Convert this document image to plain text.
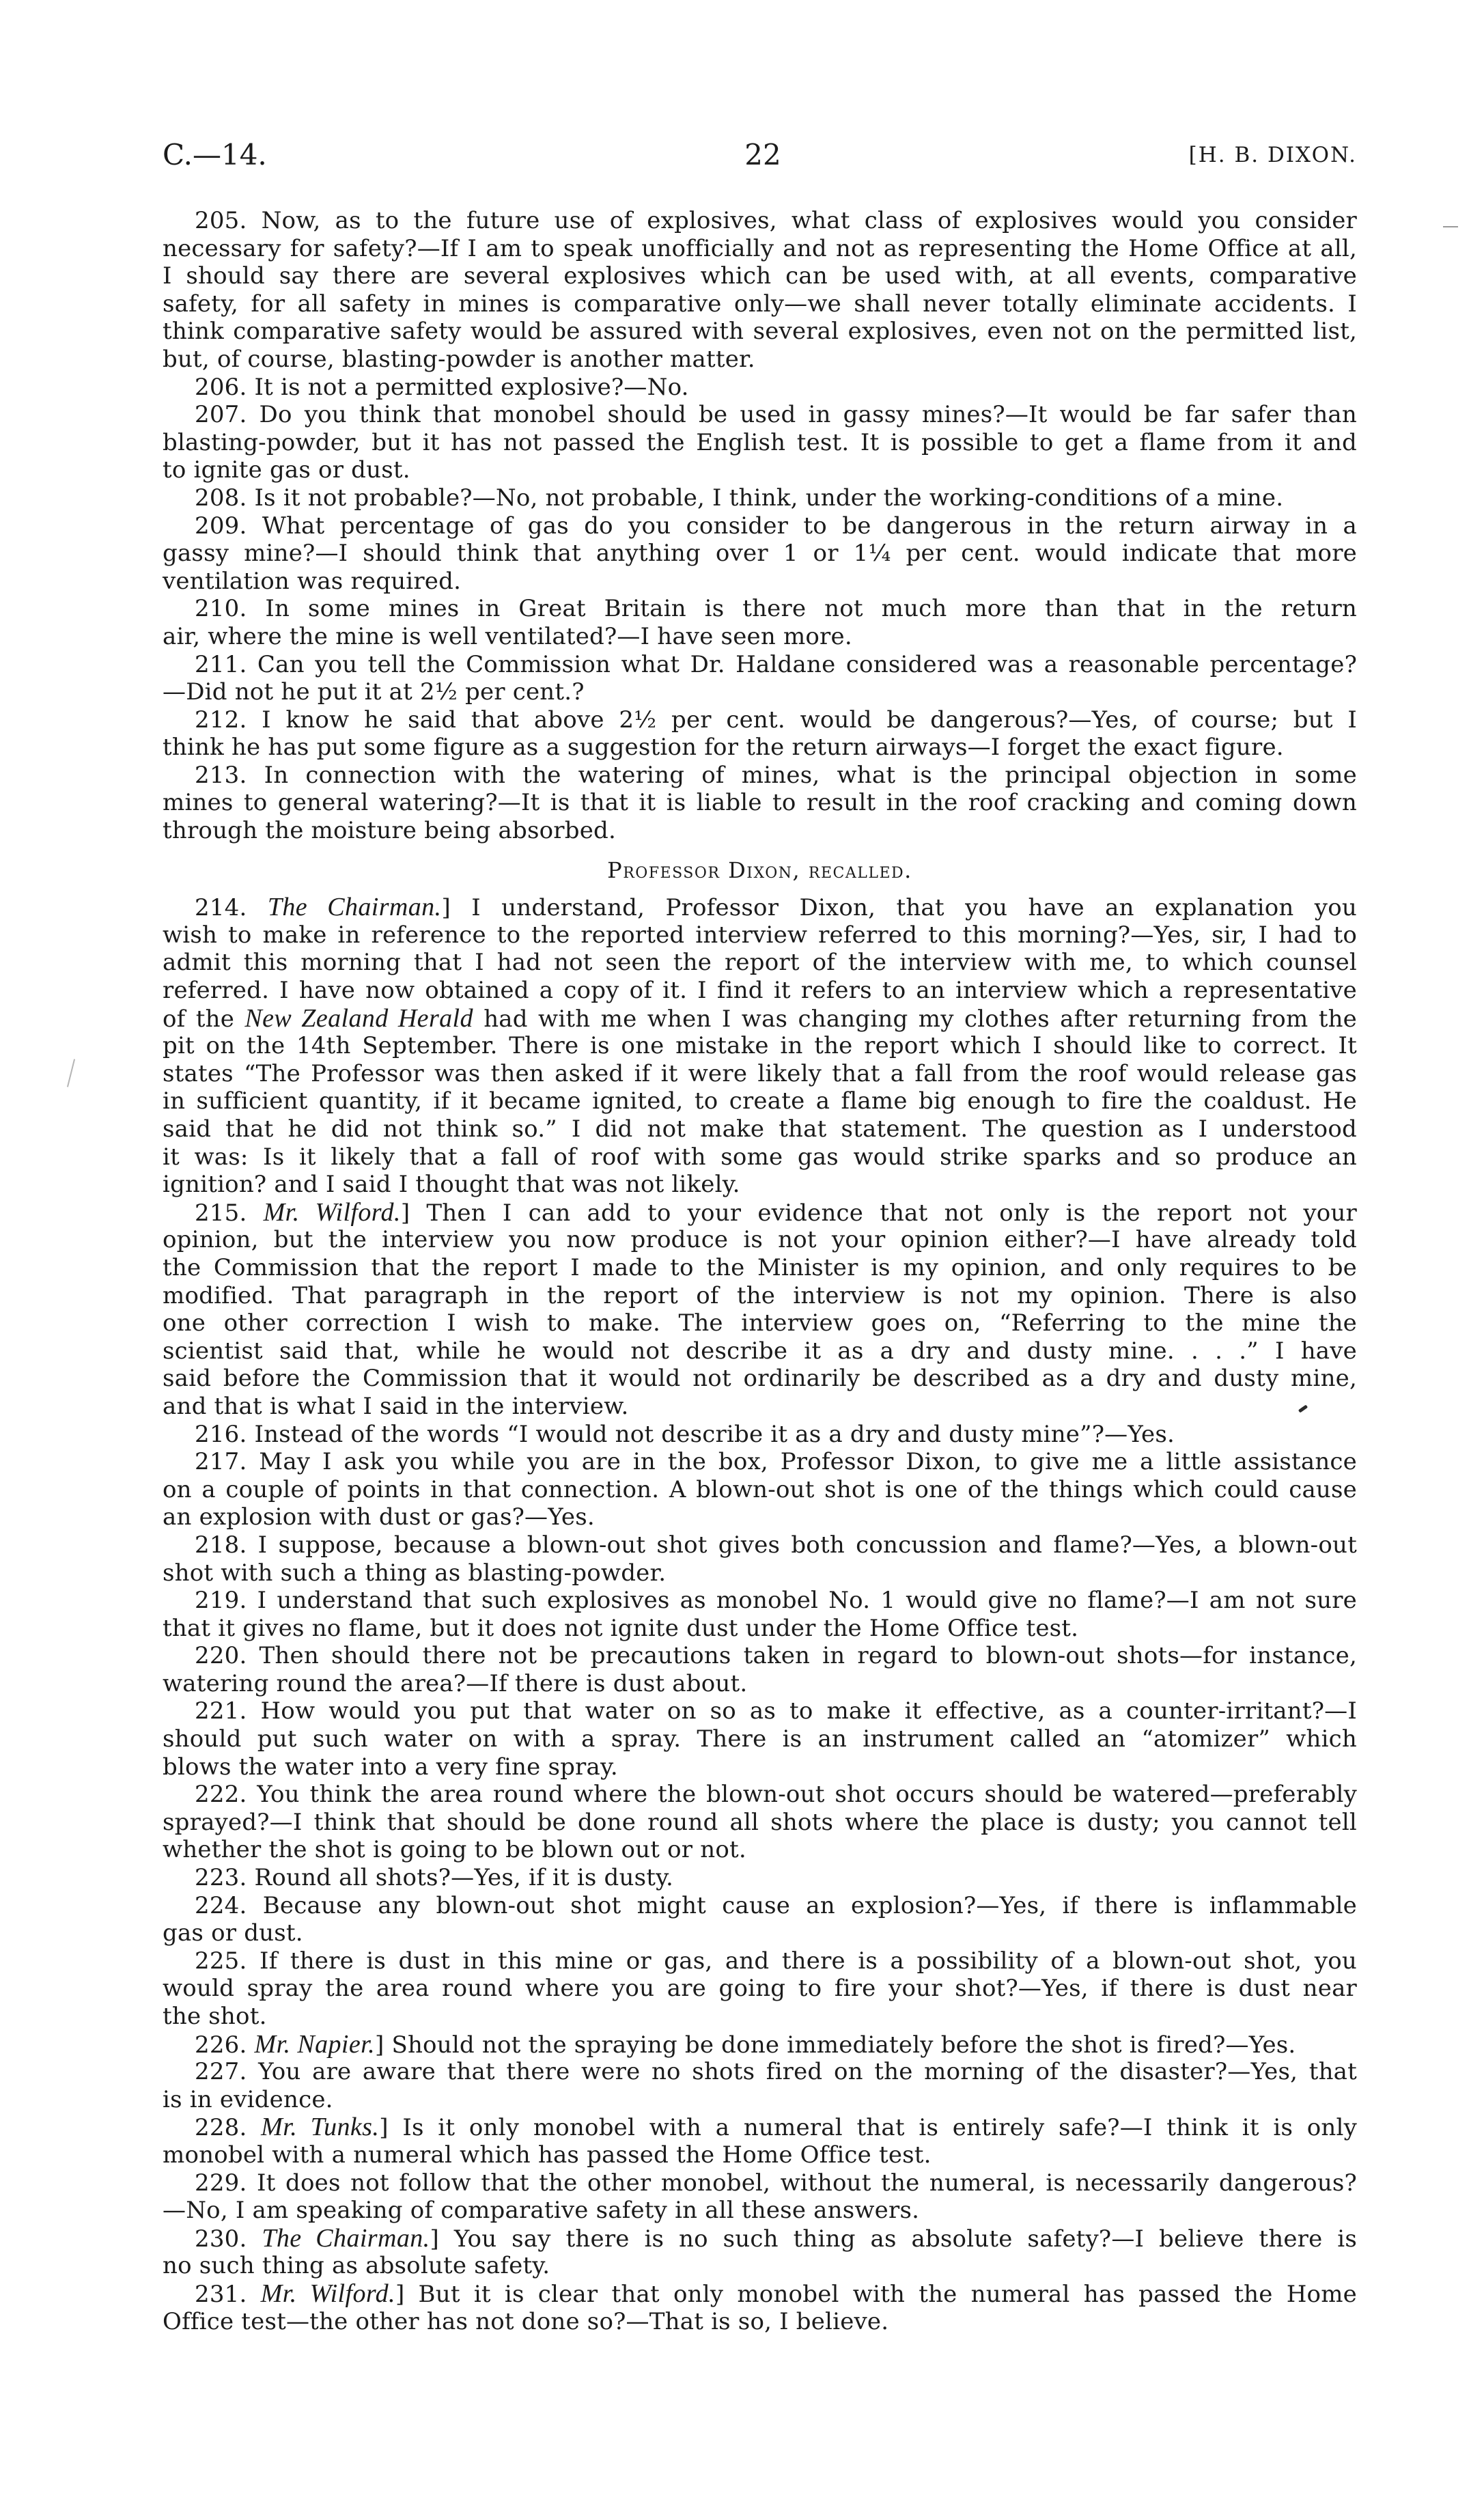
C.—14.	22	[H. B. DIXON.
205. Now, as to the future use of explosives, what class of explosives would you consider
necessary for safety?—If I am to speak unofficially and not as representing the Home Office at all,
I should say there are several explosives which can be used with, at all events, comparative
safety, for all safety in mines is comparative only—we shall never totally eliminate accidents. I
think comparative safety would be assured with several explosives, even not on the permitted list,
but, of course, blasting-powder is another matter.
206. It is not a permitted explosive?—No.
207. Do you think that monobel should be used in gassy mines?—It would be far safer than
blasting-powder, but it has not passed the English test. It is possible to get a flame from it and
to ignite gas or dust.
208. Is it not probable?—No, not probable, I think, under the working-conditions of a mine.
209. What percentage of gas do you consider to be dangerous in the return airway in a
gassy mine?—I should think that anything over 1 or 1¼ per cent. would indicate that more
ventilation was required.
210. In some mines in Great Britain is there not much more than that in the return
air, where the mine is well ventilated?—I have seen more.
211. Can you tell the Commission what Dr. Haldane considered was a reasonable percentage?
—Did not he put it at 2½ per cent.?
212. I know he said that above 2½ per cent. would be dangerous?—Yes, of course; but I
think he has put some figure as a suggestion for the return airways—I forget the exact figure.
213. In connection with the watering of mines, what is the principal objection in some
mines to general watering?—It is that it is liable to result in the roof cracking and coming down
through the moisture being absorbed.
Professor Dixon, recalled.
214. The Chairman.] I understand, Professor Dixon, that you have an explanation you
wish to make in reference to the reported interview referred to this morning?—Yes, sir, I had to
admit this morning that I had not seen the report of the interview with me, to which counsel
referred. I have now obtained a copy of it. I find it refers to an interview which a representative
of the New Zealand Herald had with me when I was changing my clothes after returning from the
pit on the 14th September. There is one mistake in the report which I should like to correct. It
states “The Professor was then asked if it were likely that a fall from the roof would release gas
in sufficient quantity, if it became ignited, to create a flame big enough to fire the coaldust. He
said that he did not think so.” I did not make that statement. The question as I understood
it was: Is it likely that a fall of roof with some gas would strike sparks and so produce an
ignition? and I said I thought that was not likely.
215. Mr. Wilford.] Then I can add to your evidence that not only is the report not your
opinion, but the interview you now produce is not your opinion either?—I have already told
the Commission that the report I made to the Minister is my opinion, and only requires to be
modified. That paragraph in the report of the interview is not my opinion. There is also
one other correction I wish to make. The interview goes on, “Referring to the mine the
scientist said that, while he would not describe it as a dry and dusty mine. . . .” I have
said before the Commission that it would not ordinarily be described as a dry and dusty mine,
and that is what I said in the interview.
216. Instead of the words “I would not describe it as a dry and dusty mine”?—Yes.
217. May I ask you while you are in the box, Professor Dixon, to give me a little assistance
on a couple of points in that connection. A blown-out shot is one of the things which could cause
an explosion with dust or gas?—Yes.
218. I suppose, because a blown-out shot gives both concussion and flame?—Yes, a blown-out
shot with such a thing as blasting-powder.
219. I understand that such explosives as monobel No. 1 would give no flame?—I am not sure
that it gives no flame, but it does not ignite dust under the Home Office test.
220. Then should there not be precautions taken in regard to blown-out shots—for instance,
watering round the area?—If there is dust about.
221. How would you put that water on so as to make it effective, as a counter-irritant?—I
should put such water on with a spray. There is an instrument called an “atomizer” which
blows the water into a very fine spray.
222. You think the area round where the blown-out shot occurs should be watered—preferably
sprayed?—I think that should be done round all shots where the place is dusty; you cannot tell
whether the shot is going to be blown out or not.
223. Round all shots?—Yes, if it is dusty.
224. Because any blown-out shot might cause an explosion?—Yes, if there is inflammable
gas or dust.
225. If there is dust in this mine or gas, and there is a possibility of a blown-out shot, you
would spray the area round where you are going to fire your shot?—Yes, if there is dust near
the shot.
226. Mr. Napier.] Should not the spraying be done immediately before the shot is fired?—Yes.
227. You are aware that there were no shots fired on the morning of the disaster?—Yes, that
is in evidence.
228. Mr. Tunks.] Is it only monobel with a numeral that is entirely safe?—I think it is only
monobel with a numeral which has passed the Home Office test.
229. It does not follow that the other monobel, without the numeral, is necessarily dangerous?
—No, I am speaking of comparative safety in all these answers.
230. The Chairman.] You say there is no such thing as absolute safety?—I believe there is
no such thing as absolute safety.
231. Mr. Wilford.] But it is clear that only monobel with the numeral has passed the Home
Office test—the other has not done so?—That is so, I believe.
